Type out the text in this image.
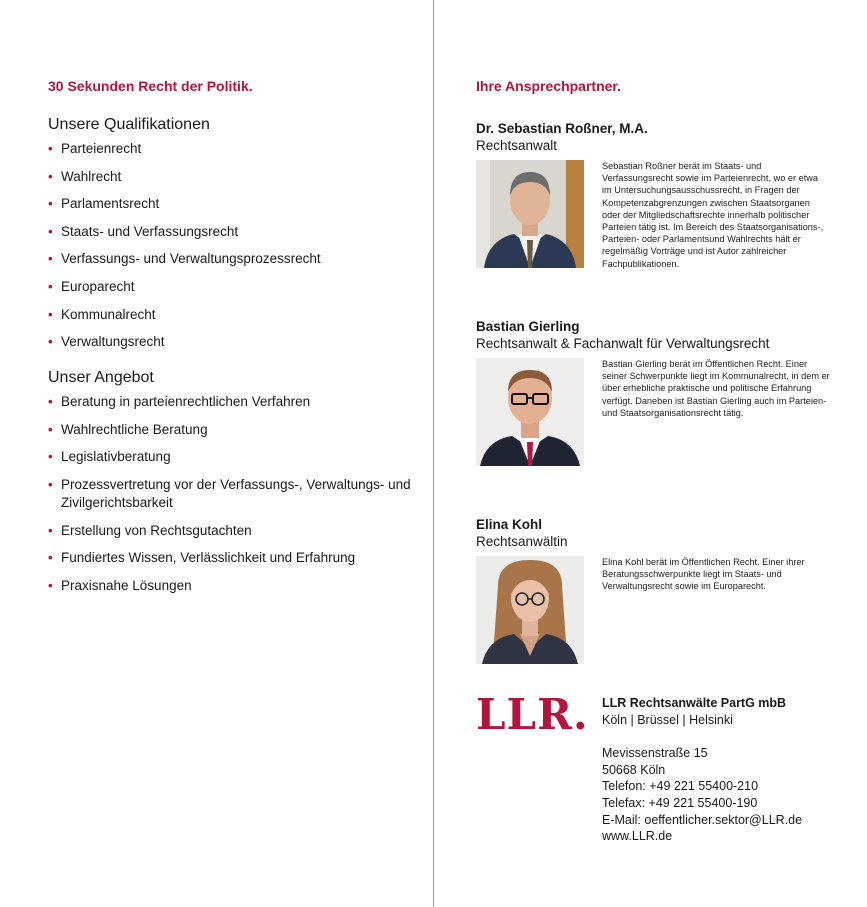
30 Sekunden Recht der Politik.

Unsere Qualifikationen
• Parteienrecht
• Wahlrecht
• Parlamentsrecht
• Staats- und Verfassungsrecht
• Verfassungs- und Verwaltungsprozessrecht
• Europarecht
• Kommunalrecht
• Verwaltungsrecht
Unser Angebot
• Beratung in parteienrechtlichen Verfahren
• Wahlrechtliche Beratung
• Legislativberatung
• Prozessvertretung vor der Verfassungs-, Verwaltungs- und Zivilgerichtsbarkeit
• Erstellung von Rechtsgutachten
• Fundiertes Wissen, Verlässlichkeit und Erfahrung
• Praxisnahe Lösungen

Ihre Ansprechpartner.

Dr. Sebastian Roßner, M.A.
Rechtsanwalt
Sebastian Roßner berät im Staats- und Verfassungsrecht sowie im Parteienrecht, wo er etwa im Untersuchungsausschussrecht, in Fragen der Kompetenzabgrenzungen zwischen Staatsorganen oder der Mitgliedschaftsrechte innerhalb politischer Parteien tätig ist. Im Bereich des Staatsorganisations-, Parteien- oder Parlamentsund Wahlrechts hält er regelmäßig Vorträge und ist Autor zahlreicher Fachpublikationen.
Bastian Gierling
Rechtsanwalt & Fachanwalt für Verwaltungsrecht
Bastian Gierling berät im Öffentlichen Recht. Einer seiner Schwerpunkte liegt im Kommunalrecht, in dem er über erhebliche praktische und politische Erfahrung verfügt. Daneben ist Bastian Gierling auch im Parteien- und Staatsorganisationsrecht tätig.
Elina Kohl
Rechtsanwältin
Elina Kohl berät im Öffentlichen Recht. Einer ihrer Beratungsschwerpunkte liegt im Staats- und Verwaltungsrecht sowie im Europarecht.
LLR. LLR Rechtsanwälte PartG mbB
Köln | Brüssel | Helsinki
Mevissenstraße 15
50668 Köln
Telefon: +49 221 55400-210
Telefax: +49 221 55400-190
E-Mail: oeffentlicher.sektor@LLR.de
www.LLR.de
